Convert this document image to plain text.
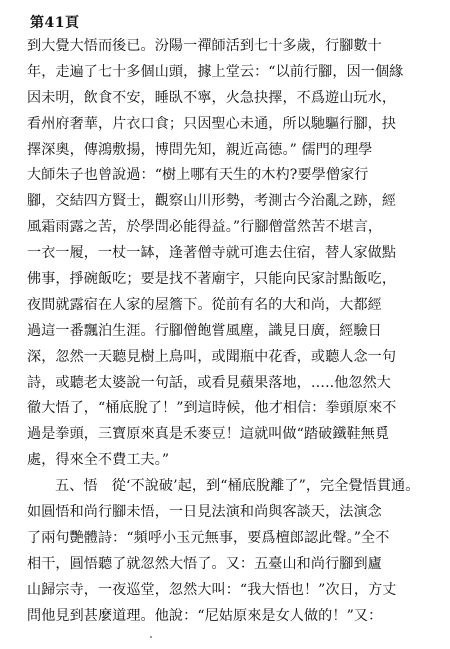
第41頁
到大覺大悟而後已。汾陽一禪師活到七十多歲，行腳數十
年，走遍了七十多個山頭，據上堂云：“以前行腳，因一個緣
因未明，飲食不安，睡臥不寧，火急抉擇，不爲遊山玩水，
看州府奢華，片衣口食；只因聖心未通，所以馳驅行腳，抉
擇深奧，傳鴻敷揚，博問先知，親近高德。” 儒門的理學
大師朱子也曾說過：“樹上哪有天生的木杓?要學僧家行
腳，交結四方賢士，觀察山川形勢，考測古今治亂之跡，經
風霜雨露之苦，於學問必能得益。”行腳僧當然苦不堪言，
一衣一履，一杖一缽，逢著僧寺就可進去住宿，替人家做點
佛事，掙碗飯吃；要是找不著廟宇，只能向民家討點飯吃，
夜間就露宿在人家的屋簷下。從前有名的大和尚，大都經
過這一番飄泊生涯。行腳僧飽嘗風塵，識見日廣，經驗日
深，忽然一天聽見樹上鳥叫，或聞瓶中花香，或聽人念一句
詩，或聽老太婆說一句話，或看見蘋果落地，…..他忽然大
徹大悟了，“桶底脫了！”到這時候，他才相信：拳頭原來不
過是拳頭，三寶原來真是禾麥豆！這就叫做“踏破鐵鞋無覓
處，得來全不費工夫。”
五、悟　從‘不說破’起，到“桶底脫離了”，完全覺悟貫通。
如圓悟和尚行腳未悟，一日見法演和尚與客談天，法演念
了兩句艷體詩：“頻呼小玉元無事，要爲檀郎認此聲。”全不
相干，圓悟聽了就忽然大悟了。又：五臺山和尚行腳到廬
山歸宗寺，一夜巡堂，忽然大叫：“我大悟也！”次日，方丈
問他見到甚麼道理。他說：“尼姑原來是女人做的！”又：
